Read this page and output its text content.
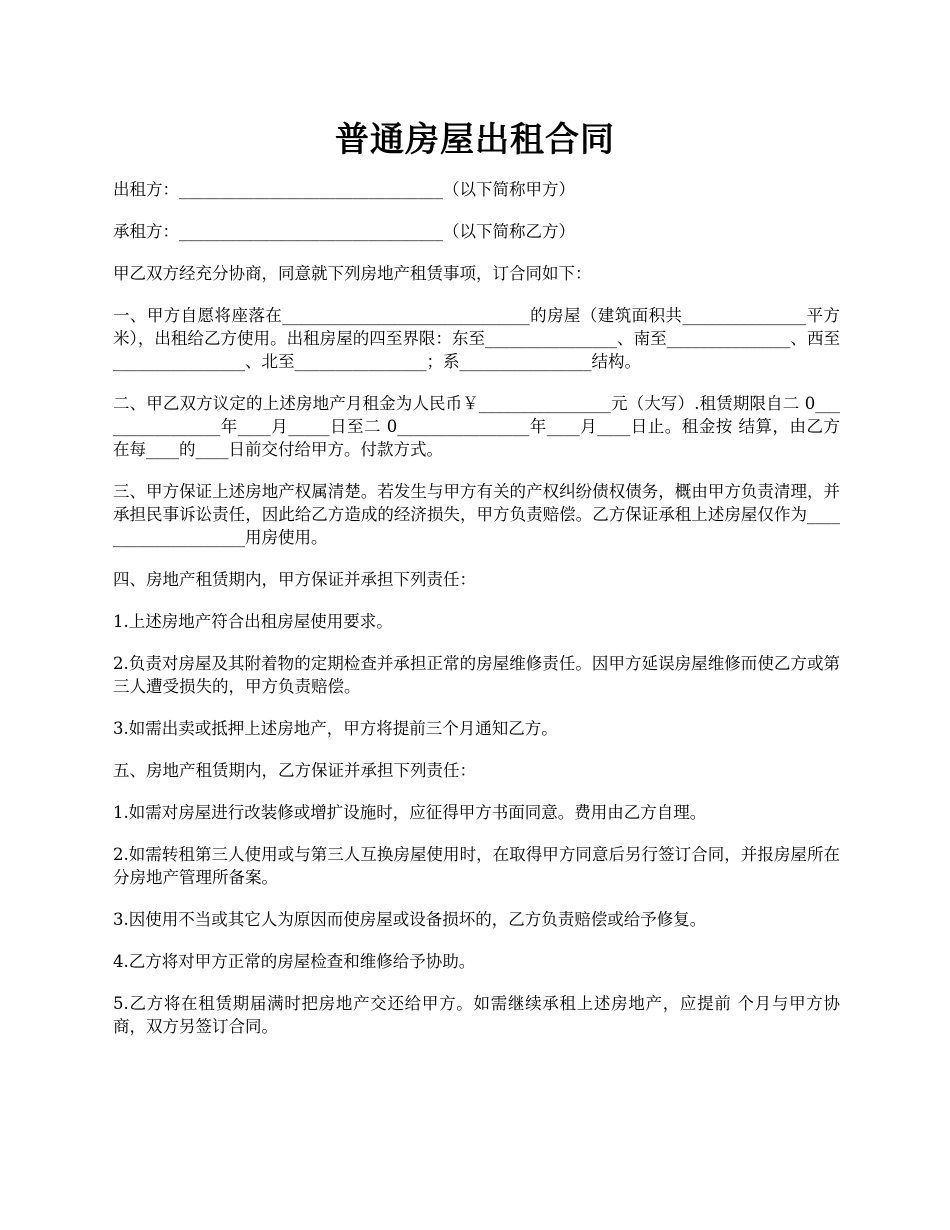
普通房屋出租合同

出租方：________________________________（以下简称甲方）

承租方：________________________________（以下简称乙方）

甲乙双方经充分协商，同意就下列房地产租赁事项，订合同如下：

一、甲方自愿将座落在______________________________的房屋（建筑面积共_______________平方米），出租给乙方使用。出租房屋的四至界限：东至________________、南至_______________、西至________________、北至________________；系________________结构。

二、甲乙双方议定的上述房地产月租金为人民币￥________________元（大写）.租赁期限自二 0________________年____月_____日至二 0________________年____月____日止。租金按 结算，由乙方在每____的____日前交付给甲方。付款方式。

三、甲方保证上述房地产权属清楚。若发生与甲方有关的产权纠纷债权债务，概由甲方负责清理，并承担民事诉讼责任，因此给乙方造成的经济损失，甲方负责赔偿。乙方保证承租上述房屋仅作为____________________用房使用。

四、房地产租赁期内，甲方保证并承担下列责任：

1.上述房地产符合出租房屋使用要求。

2.负责对房屋及其附着物的定期检查并承担正常的房屋维修责任。因甲方延误房屋维修而使乙方或第三人遭受损失的，甲方负责赔偿。

3.如需出卖或抵押上述房地产，甲方将提前三个月通知乙方。

五、房地产租赁期内，乙方保证并承担下列责任：

1.如需对房屋进行改装修或增扩设施时，应征得甲方书面同意。费用由乙方自理。

2.如需转租第三人使用或与第三人互换房屋使用时，在取得甲方同意后另行签订合同，并报房屋所在分房地产管理所备案。

3.因使用不当或其它人为原因而使房屋或设备损坏的，乙方负责赔偿或给予修复。

4.乙方将对甲方正常的房屋检查和维修给予协助。

5.乙方将在租赁期届满时把房地产交还给甲方。如需继续承租上述房地产，应提前 个月与甲方协商，双方另签订合同。
